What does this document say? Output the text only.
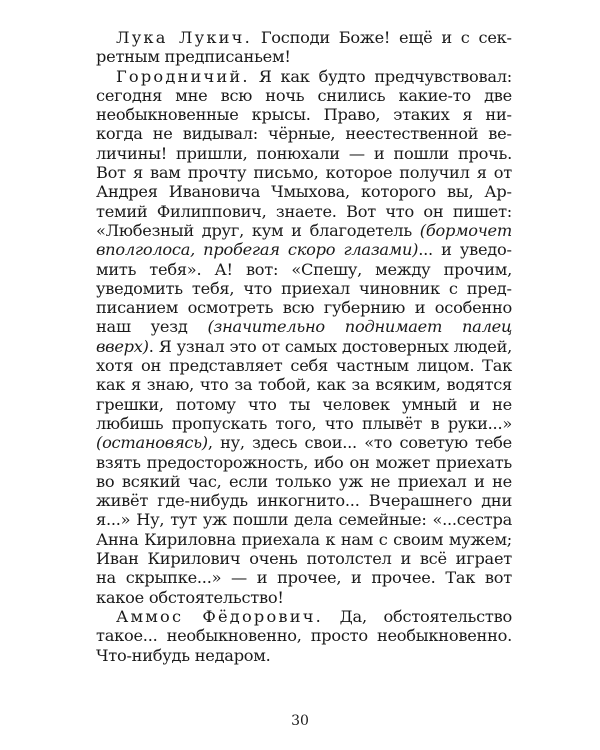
Лука Лукич. Господи Боже! ещё и с секретным предписаньем!

Городничий. Я как будто предчувствовал: сегодня мне всю ночь снились какие-то две необыкновенные крысы. Право, этаких я никогда не видывал: чёрные, неестественной величины! пришли, понюхали — и пошли прочь. Вот я вам прочту письмо, которое получил я от Андрея Ивановича Чмыхова, которого вы, Артемий Филиппович, знаете. Вот что он пишет: «Любезный друг, кум и благодетель (бормочет вполголоса, пробегая скоро глазами)... и уведомить тебя». А! вот: «Спешу, между прочим, уведомить тебя, что приехал чиновник с предписанием осмотреть всю губернию и особенно наш уезд (значительно поднимает палец вверх). Я узнал это от самых достоверных людей, хотя он представляет себя частным лицом. Так как я знаю, что за тобой, как за всяким, водятся грешки, потому что ты человек умный и не любишь пропускать того, что плывёт в руки...» (остановясь), ну, здесь свои... «то советую тебе взять предосторожность, ибо он может приехать во всякий час, если только уж не приехал и не живёт где-нибудь инкогнито... Вчерашнего дни я...» Ну, тут уж пошли дела семейные: «...сестра Анна Кириловна приехала к нам с своим мужем; Иван Кирилович очень потолстел и всё играет на скрыпке...» — и прочее, и прочее. Так вот какое обстоятельство!

Аммос Фёдорович. Да, обстоятельство такое... необыкновенно, просто необыкновенно. Что-нибудь недаром.

30
